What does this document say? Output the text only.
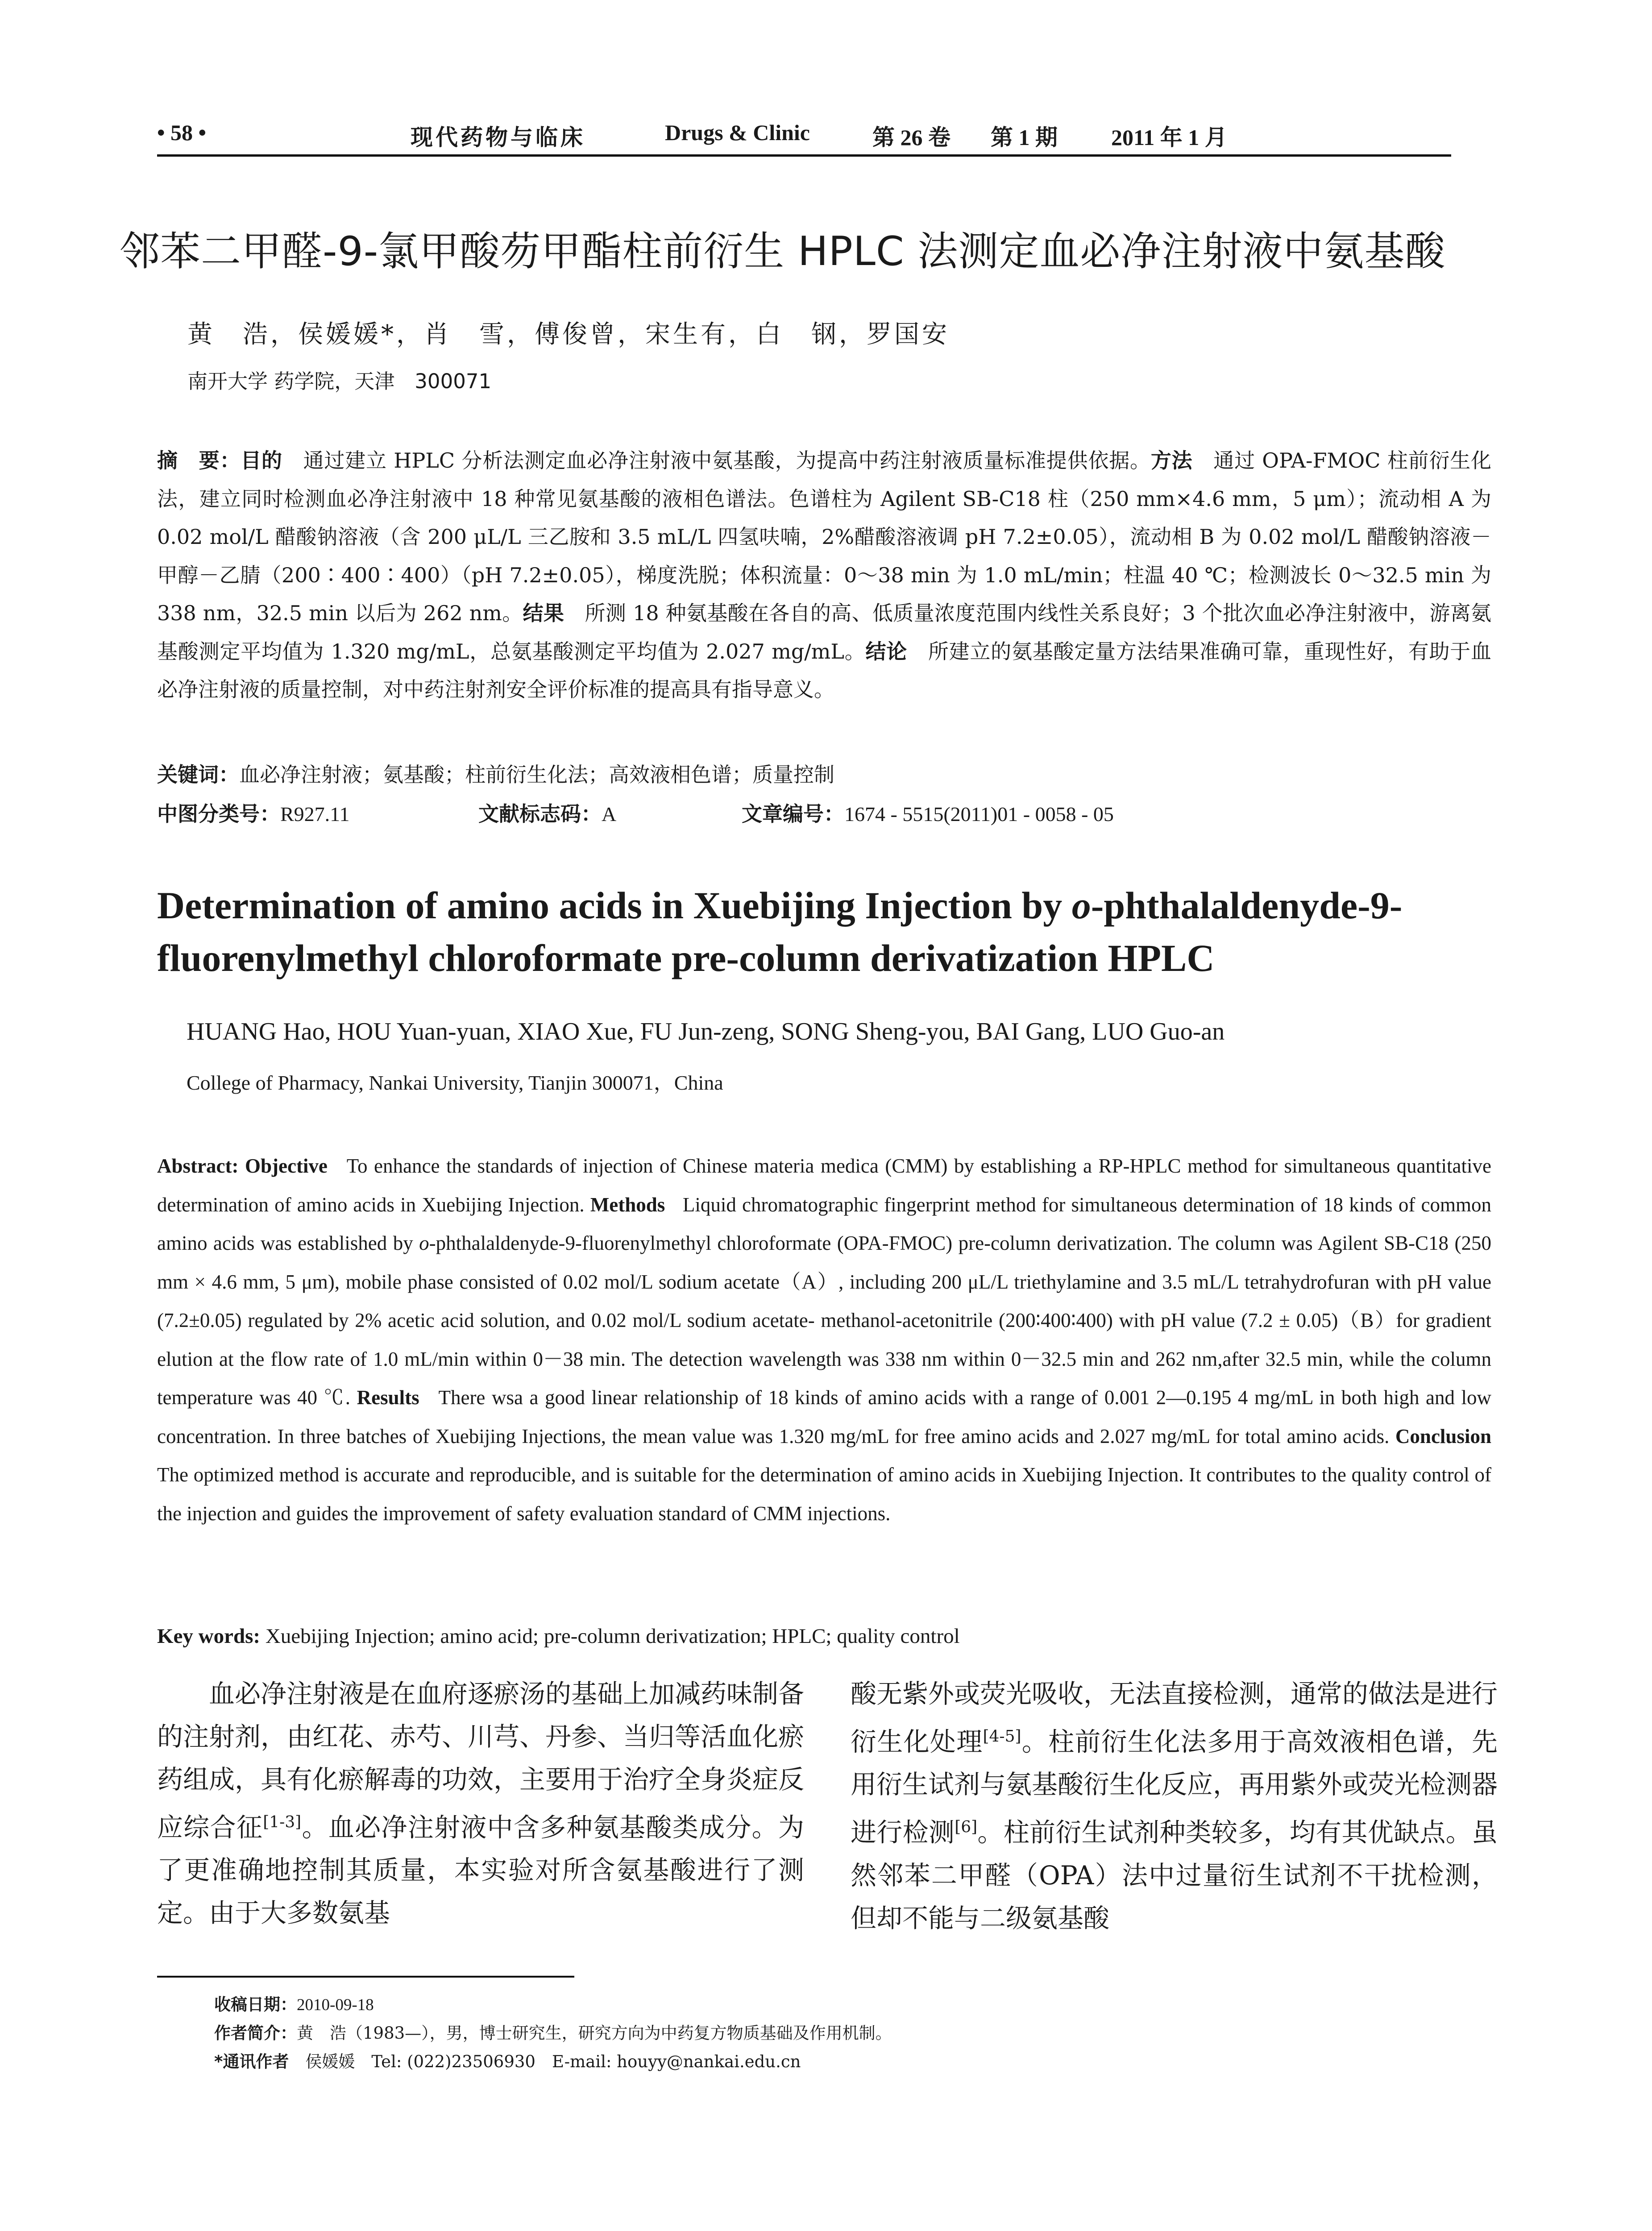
• 58 •	现代药物与临床	Drugs & Clinic	第 26 卷 第 1 期 2011 年 1 月
邻苯二甲醛-9-氯甲酸芴甲酯柱前衍生 HPLC 法测定血必净注射液中氨基酸
黄　浩，侯媛媛*，肖　雪，傅俊曾，宋生有，白　钢，罗国安
南开大学 药学院，天津　300071
摘　要：目的　 通过建立 HPLC 分析法测定血必净注射液中氨基酸，为提高中药注射液质量标准提供依据。方法　 通过 OPA-FMOC 柱前衍生化法，建立同时检测血必净注射液中 18 种常见氨基酸的液相色谱法。色谱柱为 Agilent SB-C18 柱（250 mm×4.6 mm，5 μm）；流动相 A 为 0.02 mol/L 醋酸钠溶液（含 200 μL/L 三乙胺和 3.5 mL/L 四氢呋喃，2%醋酸溶液调 pH 7.2±0.05），流动相 B 为 0.02 mol/L 醋酸钠溶液－甲醇－乙腈（200∶400∶400）（pH 7.2±0.05），梯度洗脱；体积流量：0～38 min 为 1.0 mL/min；柱温 40 ℃；检测波长 0～32.5 min 为 338 nm，32.5 min 以后为 262 nm。结果　 所测 18 种氨基酸在各自的高、低质量浓度范围内线性关系良好；3 个批次血必净注射液中，游离氨基酸测定平均值为 1.320 mg/mL，总氨基酸测定平均值为 2.027 mg/mL。结论　 所建立的氨基酸定量方法结果准确可靠，重现性好，有助于血必净注射液的质量控制，对中药注射剂安全评价标准的提高具有指导意义。
关键词：血必净注射液；氨基酸；柱前衍生化法；高效液相色谱；质量控制
中图分类号：R927.11	文献标志码：A	文章编号：1674 - 5515(2011)01 - 0058 - 05
Determination of amino acids in Xuebijing Injection by o-phthalaldenyde-9-fluorenylmethyl chloroformate pre-column derivatization HPLC
HUANG Hao, HOU Yuan-yuan, XIAO Xue, FU Jun-zeng, SONG Sheng-you, BAI Gang, LUO Guo-an
College of Pharmacy, Nankai University, Tianjin 300071，China
Abstract: Objective To enhance the standards of injection of Chinese materia medica (CMM) by establishing a RP-HPLC method for simultaneous quantitative determination of amino acids in Xuebijing Injection. Methods Liquid chromatographic fingerprint method for simultaneous determination of 18 kinds of common amino acids was established by o-phthalaldenyde-9-fluorenylmethyl chloroformate (OPA-FMOC) pre-column derivatization. The column was Agilent SB-C18 (250 mm × 4.6 mm, 5 μm), mobile phase consisted of 0.02 mol/L sodium acetate（A）, including 200 μL/L triethylamine and 3.5 mL/L tetrahydrofuran with pH value (7.2±0.05) regulated by 2% acetic acid solution, and 0.02 mol/L sodium acetate- methanol-acetonitrile (200∶400∶400) with pH value (7.2 ± 0.05)（B）for gradient elution at the flow rate of 1.0 mL/min within 0－38 min. The detection wavelength was 338 nm within 0－32.5 min and 262 nm,after 32.5 min, while the column temperature was 40 ℃. Results There wsa a good linear relationship of 18 kinds of amino acids with a range of 0.001 2—0.195 4 mg/mL in both high and low concentration. In three batches of Xuebijing Injections, the mean value was 1.320 mg/mL for free amino acids and 2.027 mg/mL for total amino acids. Conclusion The optimized method is accurate and reproducible, and is suitable for the determination of amino acids in Xuebijing Injection. It contributes to the quality control of the injection and guides the improvement of safety evaluation standard of CMM injections.
Key words: Xuebijing Injection; amino acid; pre-column derivatization; HPLC; quality control

血必净注射液是在血府逐瘀汤的基础上加减药味制备的注射剂，由红花、赤芍、川芎、丹参、当归等活血化瘀药组成，具有化瘀解毒的功效，主要用于治疗全身炎症反应综合征[1-3]。血必净注射液中含多种氨基酸类成分。为了更准确地控制其质量，本实验对所含氨基酸进行了测定。由于大多数氨基

酸无紫外或荧光吸收，无法直接检测，通常的做法是进行衍生化处理[4-5]。柱前衍生化法多用于高效液相色谱，先用衍生试剂与氨基酸衍生化反应，再用紫外或荧光检测器进行检测[6]。柱前衍生试剂种类较多，均有其优缺点。虽然邻苯二甲醛（OPA）法中过量衍生试剂不干扰检测，但却不能与二级氨基酸

收稿日期：2010-09-18
作者简介：黄　浩（1983—），男，博士研究生，研究方向为中药复方物质基础及作用机制。
*通讯作者　 侯媛媛　Tel: (022)23506930　E-mail: houyy@nankai.edu.cn
